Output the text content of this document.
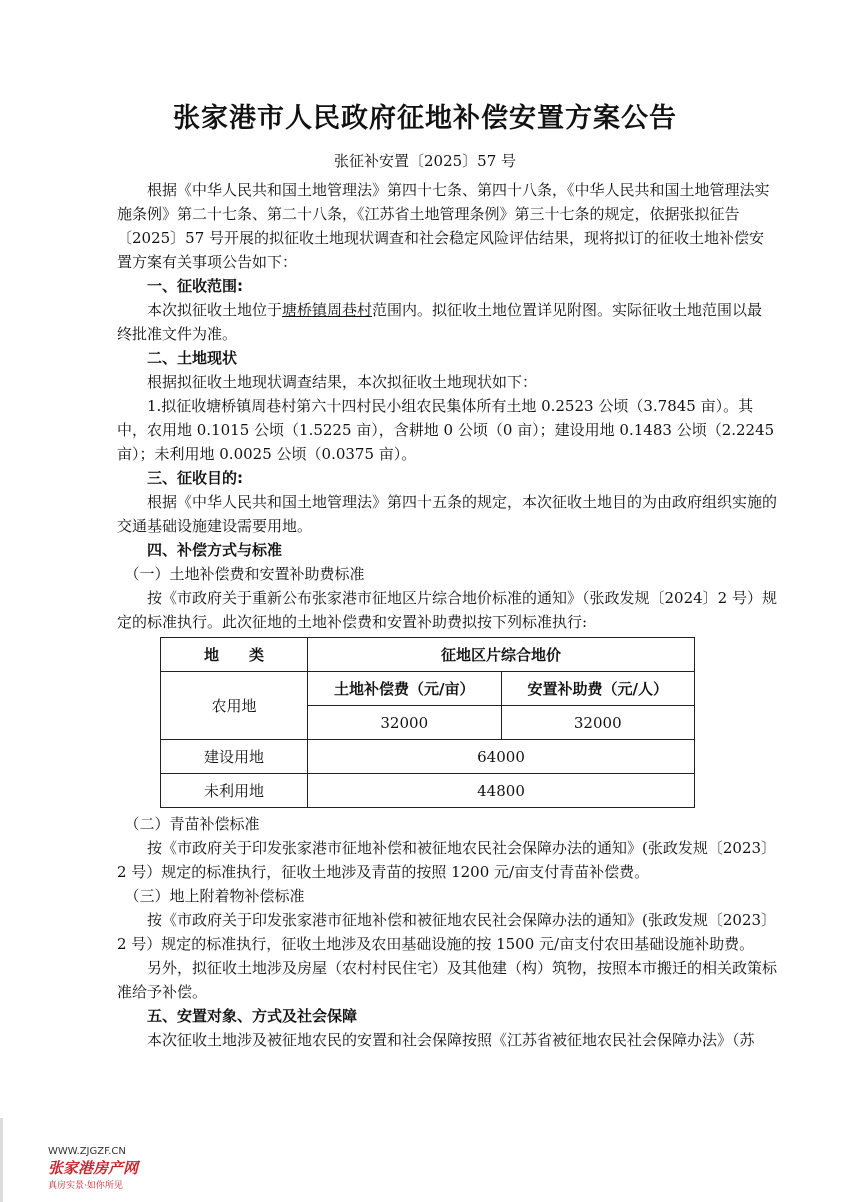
张家港市人民政府征地补偿安置方案公告
张征补安置〔2025〕57 号

根据《中华人民共和国土地管理法》第四十七条、第四十八条，《中华人民共和国土地管理法实施条例》第二十七条、第二十八条，《江苏省土地管理条例》第三十七条的规定，依据张拟征告〔2025〕57 号开展的拟征收土地现状调查和社会稳定风险评估结果，现将拟订的征收土地补偿安置方案有关事项公告如下：

一、征收范围:

本次拟征收土地位于塘桥镇周巷村范围内。拟征收土地位置详见附图。实际征收土地范围以最终批准文件为准。

二、土地现状

根据拟征收土地现状调查结果，本次拟征收土地现状如下：

1.拟征收塘桥镇周巷村第六十四村民小组农民集体所有土地 0.2523 公顷（3.7845 亩）。其中，农用地 0.1015 公顷（1.5225 亩），含耕地 0 公顷（0 亩）；建设用地 0.1483 公顷（2.2245 亩）；未利用地 0.0025 公顷（0.0375 亩）。

三、征收目的:

根据《中华人民共和国土地管理法》第四十五条的规定，本次征收土地目的为由政府组织实施的交通基础设施建设需要用地。

四、补偿方式与标准

（一）土地补偿费和安置补助费标准

按《市政府关于重新公布张家港市征地区片综合地价标准的通知》（张政发规〔2024〕2 号）规定的标准执行。此次征地的土地补偿费和安置补助费拟按下列标准执行:

地　　类	征地区片综合地价	
农用地	土地补偿费（元/亩）	安置补助费（元/人）
	32000	32000
建设用地	64000	
未利用地	44800	

（二）青苗补偿标准

按《市政府关于印发张家港市征地补偿和被征地农民社会保障办法的通知》(张政发规〔2023〕2 号）规定的标准执行，征收土地涉及青苗的按照 1200 元/亩支付青苗补偿费。

（三）地上附着物补偿标准

按《市政府关于印发张家港市征地补偿和被征地农民社会保障办法的通知》(张政发规〔2023〕2 号）规定的标准执行，征收土地涉及农田基础设施的按 1500 元/亩支付农田基础设施补助费。

另外，拟征收土地涉及房屋（农村村民住宅）及其他建（构）筑物，按照本市搬迁的相关政策标准给予补偿。

五、安置对象、方式及社会保障

本次征收土地涉及被征地农民的安置和社会保障按照《江苏省被征地农民社会保障办法》（苏

WWW.ZJGZF.CN
张家港房产网
真房实景·如你所见
